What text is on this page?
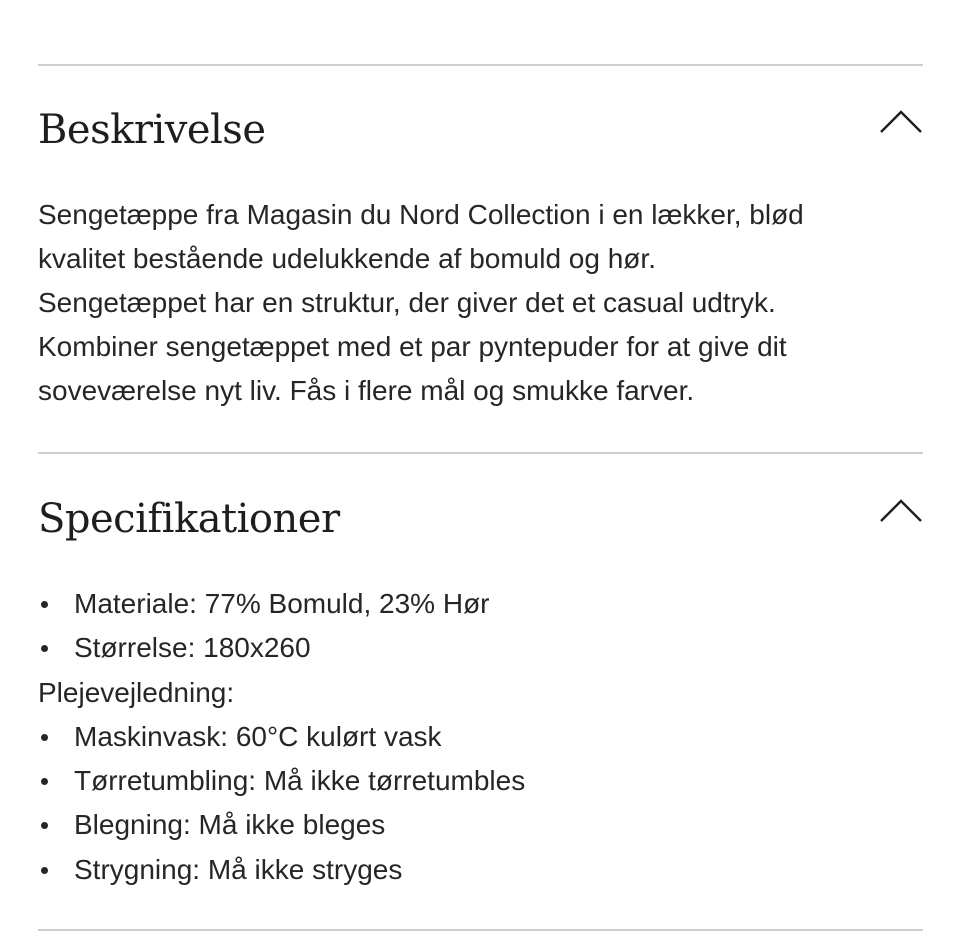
Beskrivelse

Sengetæppe fra Magasin du Nord Collection i en lækker, blød
kvalitet bestående udelukkende af bomuld og hør.
Sengetæppet har en struktur, der giver det et casual udtryk.
Kombiner sengetæppet med et par pyntepuder for at give dit
soveværelse nyt liv. Fås i flere mål og smukke farver.

Specifikationer
Materiale: 77% Bomuld, 23% Hør
Størrelse: 180x260
Plejevejledning:
Maskinvask: 60°C kulørt vask
Tørretumbling: Må ikke tørretumbles
Blegning: Må ikke bleges
Strygning: Må ikke stryges
